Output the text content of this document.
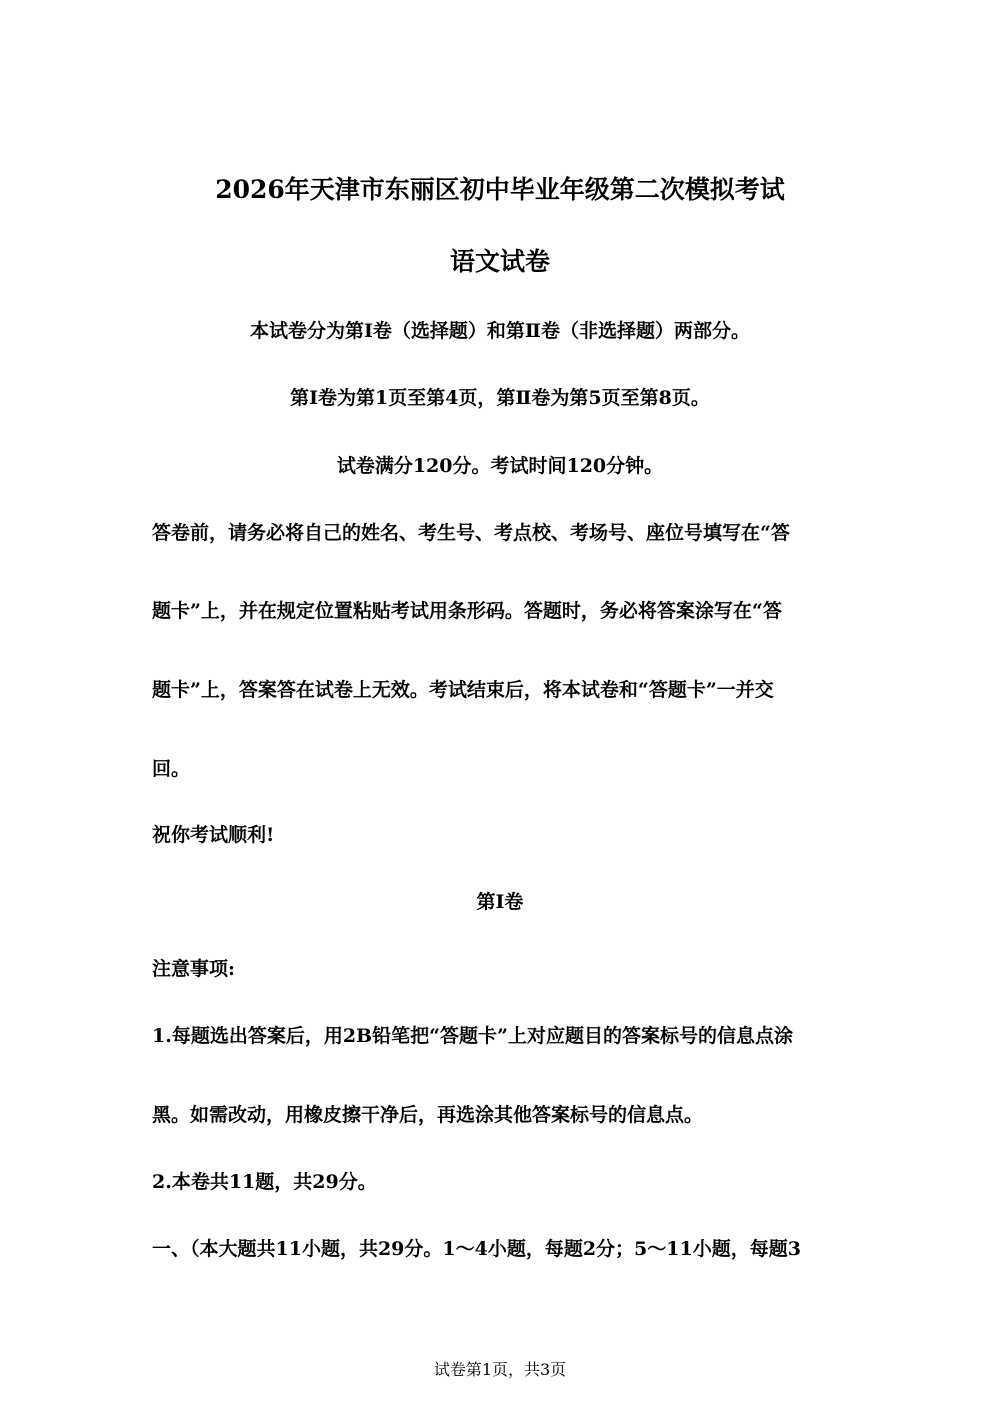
2026年天津市东丽区初中毕业年级第二次模拟考试
语文试卷
本试卷分为第Ⅰ卷（选择题）和第Ⅱ卷（非选择题）两部分。
第Ⅰ卷为第1页至第4页，第Ⅱ卷为第5页至第8页。
试卷满分120分。考试时间120分钟。
答卷前，请务必将自己的姓名、考生号、考点校、考场号、座位号填写在“答
题卡”上，并在规定位置粘贴考试用条形码。答题时，务必将答案涂写在“答
题卡”上，答案答在试卷上无效。考试结束后，将本试卷和“答题卡”一并交
回。
祝你考试顺利!
第Ⅰ卷
注意事项:
1.每题选出答案后，用2B铅笔把“答题卡”上对应题目的答案标号的信息点涂
黑。如需改动，用橡皮擦干净后，再选涂其他答案标号的信息点。
2.本卷共11题，共29分。
一、（本大题共11小题，共29分。1～4小题，每题2分；5～11小题，每题3
试卷第1页，共3页
